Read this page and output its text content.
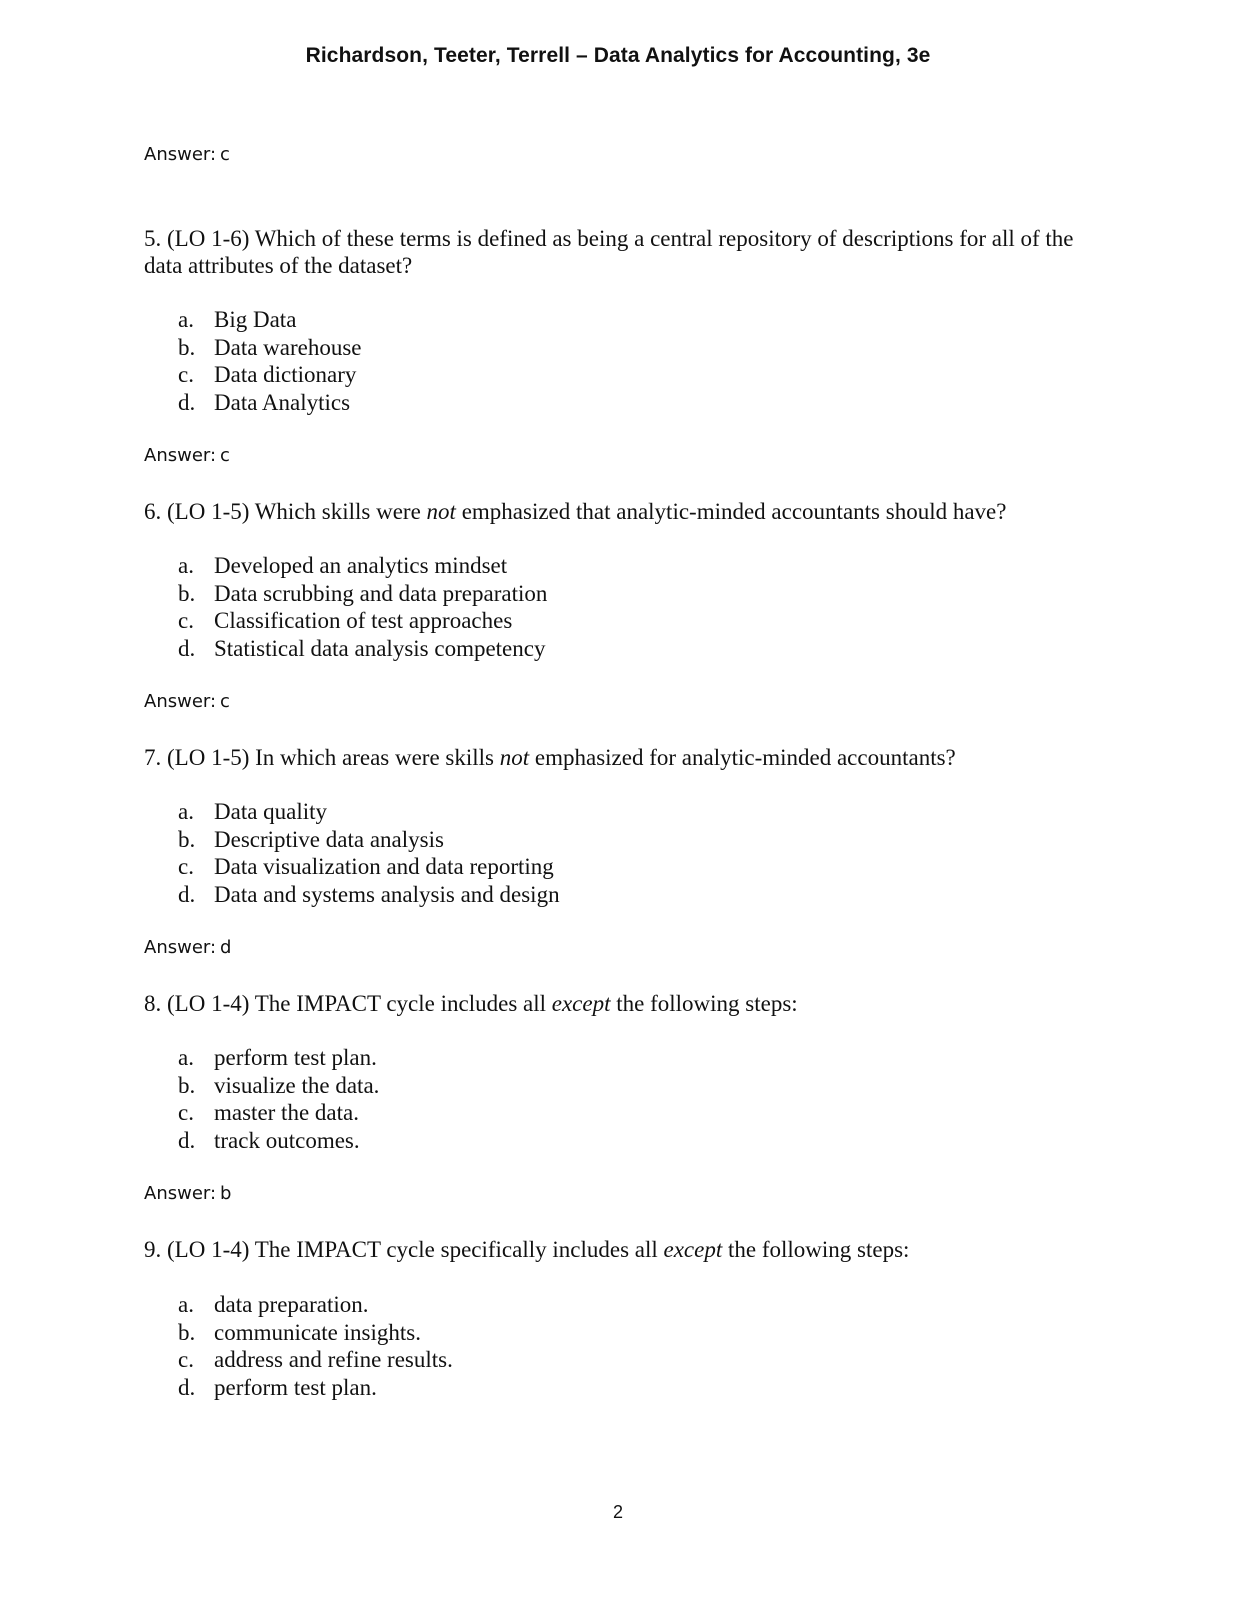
Richardson, Teeter, Terrell – Data Analytics for Accounting, 3e
Answer: c
5. (LO 1-6) Which of these terms is defined as being a central repository of descriptions for all of the data attributes of the dataset?
a. Big Data
b. Data warehouse
c. Data dictionary
d. Data Analytics
Answer: c
6. (LO 1-5) Which skills were not emphasized that analytic-minded accountants should have?
a. Developed an analytics mindset
b. Data scrubbing and data preparation
c. Classification of test approaches
d. Statistical data analysis competency
Answer: c
7. (LO 1-5) In which areas were skills not emphasized for analytic-minded accountants?
a. Data quality
b. Descriptive data analysis
c. Data visualization and data reporting
d. Data and systems analysis and design
Answer: d
8. (LO 1-4) The IMPACT cycle includes all except the following steps:
a. perform test plan.
b. visualize the data.
c. master the data.
d. track outcomes.
Answer: b
9. (LO 1-4) The IMPACT cycle specifically includes all except the following steps:
a. data preparation.
b. communicate insights.
c. address and refine results.
d. perform test plan.
2
